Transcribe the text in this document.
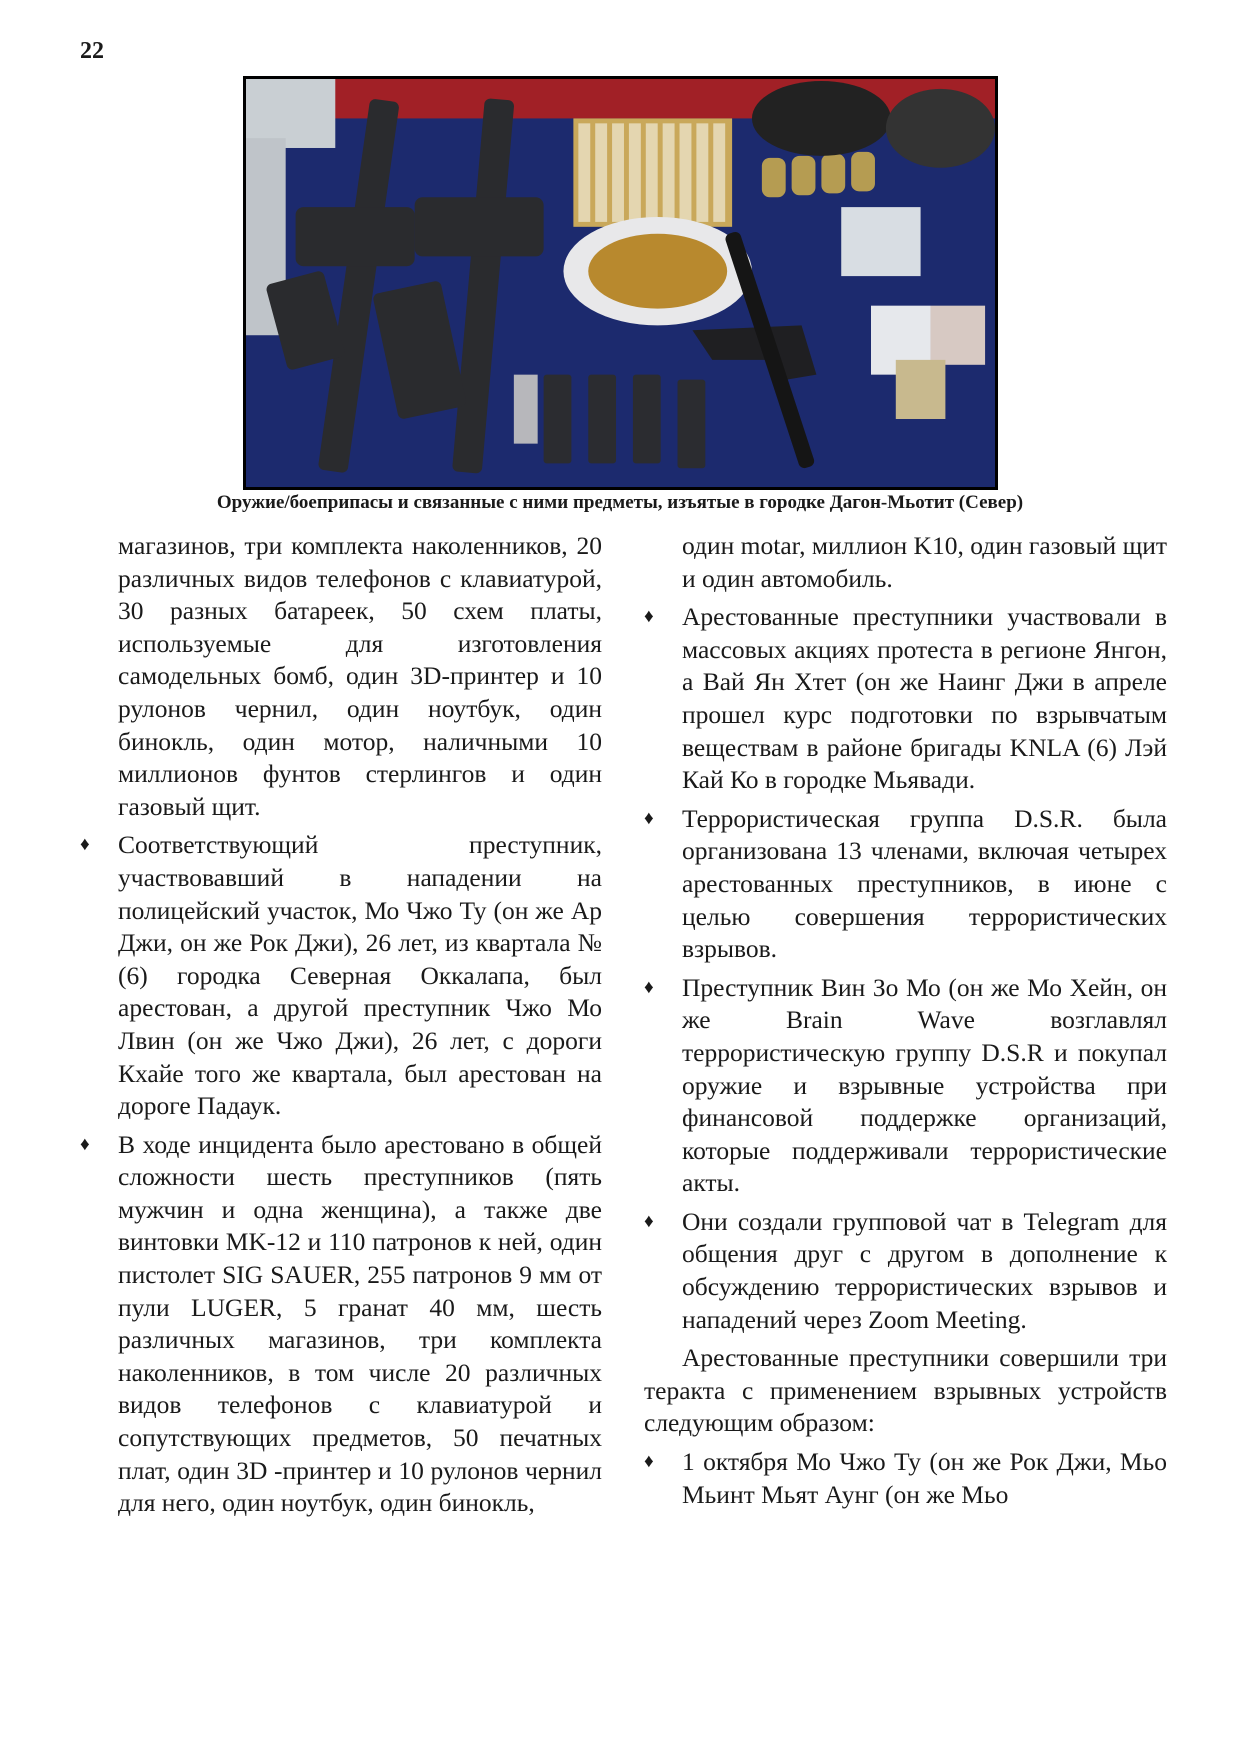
22
Оружие/боеприпасы и связанные с ними предметы, изъятые в городке Дагон-Мьотит (Север)

магазинов, три комплекта наколенников, 20 различных видов телефонов с клавиатурой, 30 разных батареек, 50 схем платы, используемые для изготовления самодельных бомб, один 3D-принтер и 10 рулонов чернил, один ноутбук, один бинокль, один мотор, наличными 10 миллионов фунтов стерлингов и один газовый щит.

♦ Соответствующий преступник, участвовавший в нападении на полицейский участок, Мо Чжо Ту (он же Ар Джи, он же Рок Джи), 26 лет, из квартала № (6) городка Северная Оккалапа, был арестован, а другой преступник Чжо Мо Лвин (он же Чжо Джи), 26 лет, с дороги Кхайе того же квартала, был арестован на дороге Падаук.

♦ В ходе инцидента было арестовано в общей сложности шесть преступников (пять мужчин и одна женщина), а также две винтовки MK-12 и 110 патронов к ней, один пистолет SIG SAUER, 255 патронов 9 мм от пули LUGER, 5 гранат 40 мм, шесть различных магазинов, три комплекта наколенников, в том числе 20 различных видов телефонов с клавиатурой и сопутствующих предметов, 50 печатных плат, один 3D -принтер и 10 рулонов чернил для него, один ноутбук, один бинокль,

один motar, миллион K10, один газовый щит и один автомобиль.

♦ Арестованные преступники участвовали в массовых акциях протеста в регионе Янгон, а Вай Ян Хтет (он же Наинг Джи в апреле прошел курс подготовки по взрывчатым веществам в районе бригады KNLA (6) Лэй Кай Ко в городке Мьявади.

♦ Террористическая группа D.S.R. была организована 13 членами, включая четырех арестованных преступников, в июне с целью совершения террористических взрывов.

♦ Преступник Вин Зо Мо (он же Мо Хейн, он же Brain Wave возглавлял террористическую группу D.S.R и покупал оружие и взрывные устройства при финансовой поддержке организаций, которые поддерживали террористические акты.

♦ Они создали групповой чат в Telegram для общения друг с другом в дополнение к обсуждению террористических взрывов и нападений через Zoom Meeting.

Арестованные преступники совершили три теракта с применением взрывных устройств следующим образом:

♦ 1 октября Мо Чжо Ту (он же Рок Джи, Мьо Мьинт Мьят Аунг (он же Мьо
